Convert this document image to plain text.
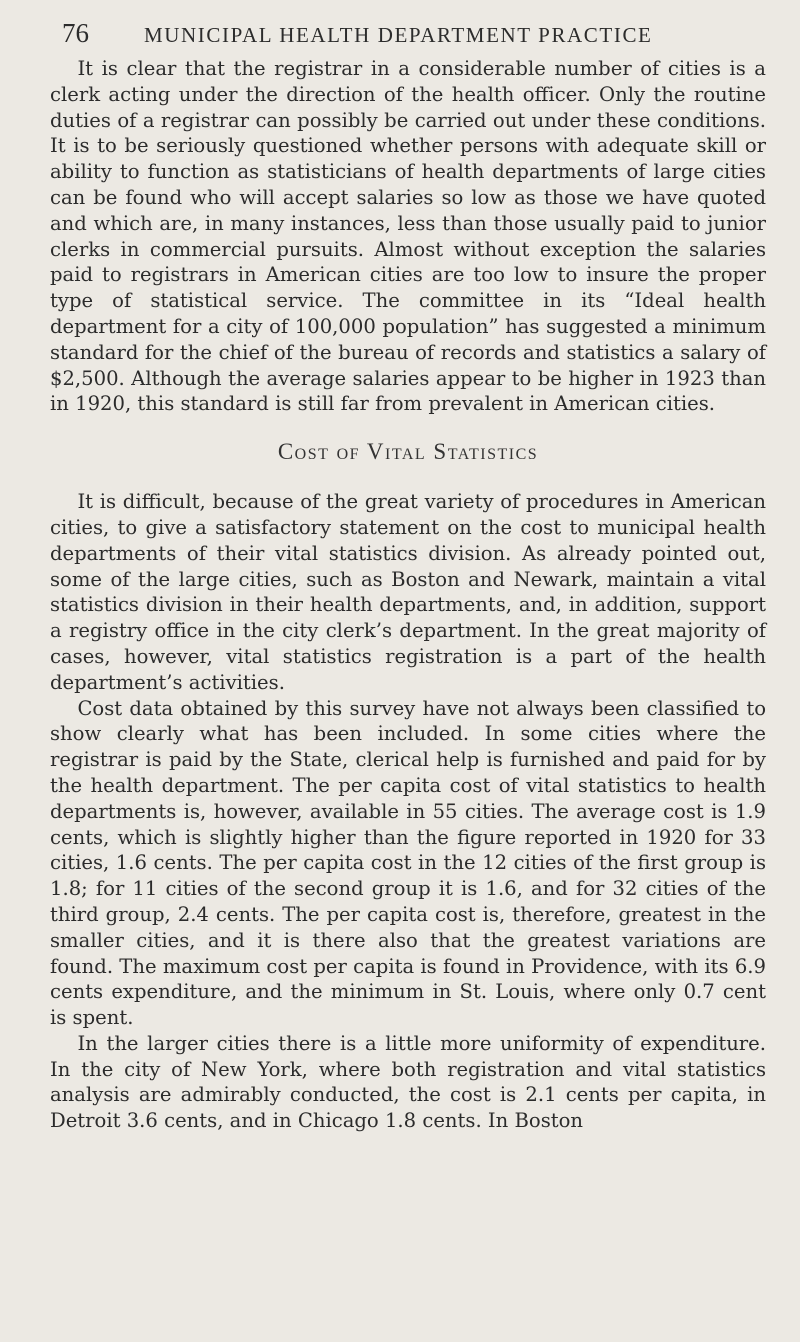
76	MUNICIPAL HEALTH DEPARTMENT PRACTICE

It is clear that the registrar in a considerable number of cities is a clerk acting under the direction of the health officer. Only the routine duties of a registrar can possibly be carried out under these conditions. It is to be seriously questioned whether persons with adequate skill or ability to function as statisticians of health departments of large cities can be found who will accept salaries so low as those we have quoted and which are, in many instances, less than those usually paid to junior clerks in commercial pursuits. Almost without exception the salaries paid to registrars in American cities are too low to insure the proper type of statistical service. The committee in its “Ideal health department for a city of 100,000 population” has suggested a minimum standard for the chief of the bureau of records and statistics a salary of $2,500. Although the average salaries appear to be higher in 1923 than in 1920, this standard is still far from prevalent in American cities.

Cost of Vital Statistics

It is difficult, because of the great variety of procedures in American cities, to give a satisfactory statement on the cost to municipal health departments of their vital statistics division. As already pointed out, some of the large cities, such as Boston and Newark, maintain a vital statistics division in their health departments, and, in addition, support a registry office in the city clerk’s department. In the great majority of cases, however, vital statistics registration is a part of the health department’s activities.

Cost data obtained by this survey have not always been classified to show clearly what has been included. In some cities where the registrar is paid by the State, clerical help is furnished and paid for by the health department. The per capita cost of vital statistics to health departments is, however, available in 55 cities. The average cost is 1.9 cents, which is slightly higher than the figure reported in 1920 for 33 cities, 1.6 cents. The per capita cost in the 12 cities of the first group is 1.8; for 11 cities of the second group it is 1.6, and for 32 cities of the third group, 2.4 cents. The per capita cost is, therefore, greatest in the smaller cities, and it is there also that the greatest variations are found. The maximum cost per capita is found in Providence, with its 6.9 cents expenditure, and the minimum in St. Louis, where only 0.7 cent is spent.

In the larger cities there is a little more uniformity of expenditure. In the city of New York, where both registration and vital statistics analysis are admirably conducted, the cost is 2.1 cents per capita, in Detroit 3.6 cents, and in Chicago 1.8 cents. In Boston
